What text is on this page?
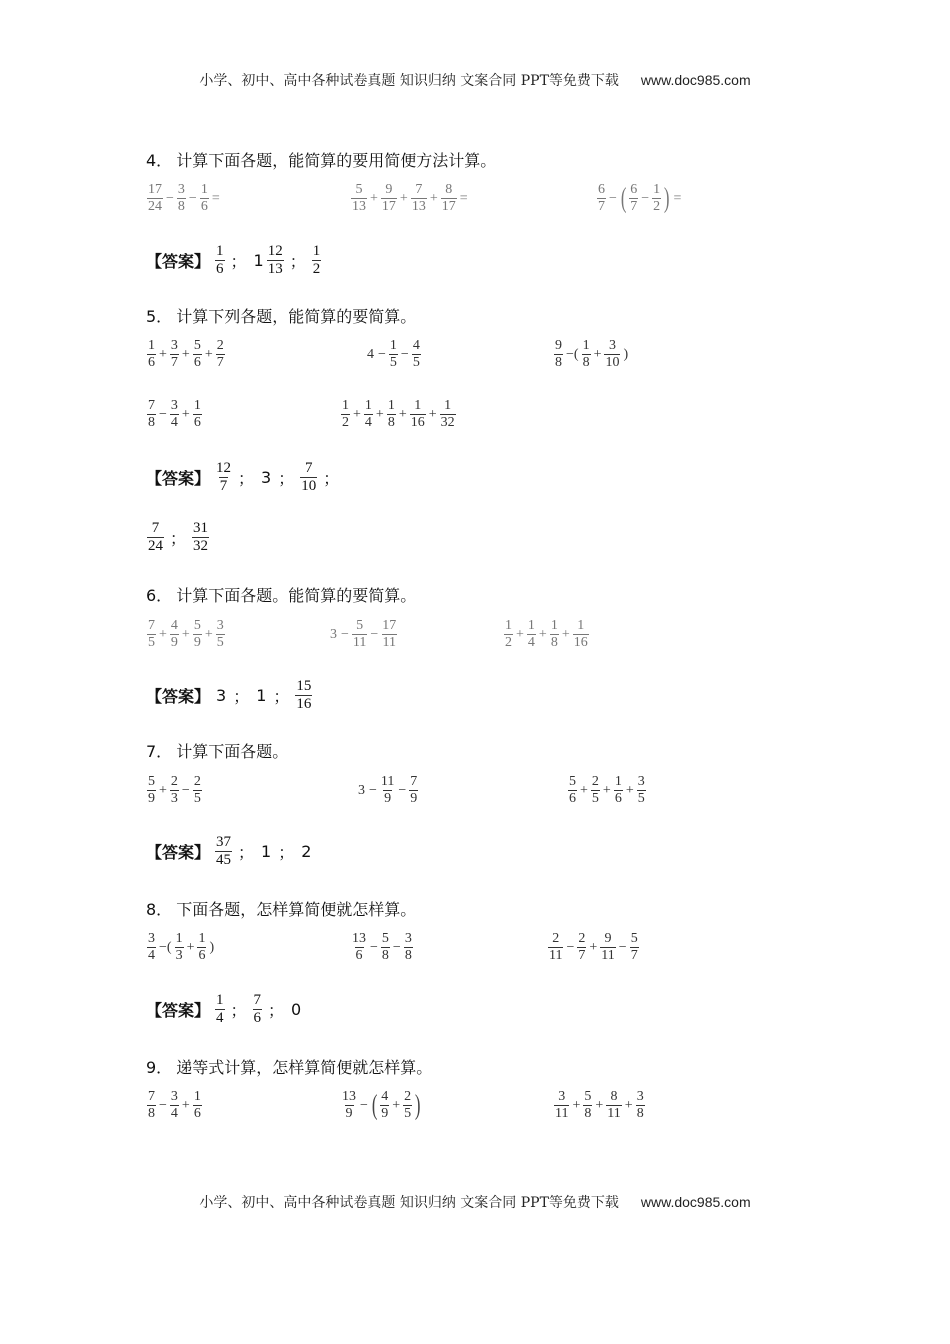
小学、初中、高中各种试卷真题 知识归纳 文案合同 PPT等免费下载 www.doc985.com
4． 计算下面各题，能简算的要用简便方法计算。
$\frac{17}{24} - \frac{3}{8} - \frac{1}{6}$ =	$\frac{5}{13} + \frac{9}{17} + \frac{7}{13} + \frac{8}{17}$ =	$\frac{6}{7}$ − ( $\frac{6}{7} - \frac{1}{2}$ ) =
【答案】 $\frac{1}{6}$ ； $1 \frac{12}{13}$ ； $\frac{1}{2}$
5． 计算下列各题，能简算的要简算。
$\frac{1}{6} + \frac{3}{7} + \frac{5}{6} + \frac{2}{7}$	$4 - \frac{1}{5} - \frac{4}{5}$	$\frac{9}{8}$ −( $\frac{1}{8} + \frac{3}{10}$ )
$\frac{7}{8} - \frac{3}{4} + \frac{1}{6}$	$\frac{1}{2} + \frac{1}{4} + \frac{1}{8} + \frac{1}{16} + \frac{1}{32}$
【答案】 $\frac{12}{7}$ ； 3 ； $\frac{7}{10}$ ；
$\frac{7}{24}$ ； $\frac{31}{32}$
6． 计算下面各题。能简算的要简算。
$\frac{7}{5} + \frac{4}{9} + \frac{5}{9} + \frac{3}{5}$	$3 - \frac{5}{11} - \frac{17}{11}$	$\frac{1}{2} + \frac{1}{4} + \frac{1}{8} + \frac{1}{16}$
【答案】 3 ； 1 ； $\frac{15}{16}$
7． 计算下面各题。
$\frac{5}{9} + \frac{2}{3} - \frac{2}{5}$	$3 - \frac{11}{9} - \frac{7}{9}$	$\frac{5}{6} + \frac{2}{5} + \frac{1}{6} + \frac{3}{5}$
【答案】 $\frac{37}{45}$ ； 1 ； 2
8． 下面各题，怎样算简便就怎样算。
$\frac{3}{4}$ −( $\frac{1}{3} + \frac{1}{6}$ )	$\frac{13}{6} - \frac{5}{8} - \frac{3}{8}$	$\frac{2}{11} - \frac{2}{7} + \frac{9}{11} - \frac{5}{7}$
【答案】 $\frac{1}{4}$ ； $\frac{7}{6}$ ； 0
9． 递等式计算，怎样算简便就怎样算。
$\frac{7}{8} - \frac{3}{4} + \frac{1}{6}$	$\frac{13}{9}$ − ( $\frac{4}{9} + \frac{2}{5}$ )	$\frac{3}{11} + \frac{5}{8} + \frac{8}{11} + \frac{3}{8}$
小学、初中、高中各种试卷真题 知识归纳 文案合同 PPT等免费下载 www.doc985.com
